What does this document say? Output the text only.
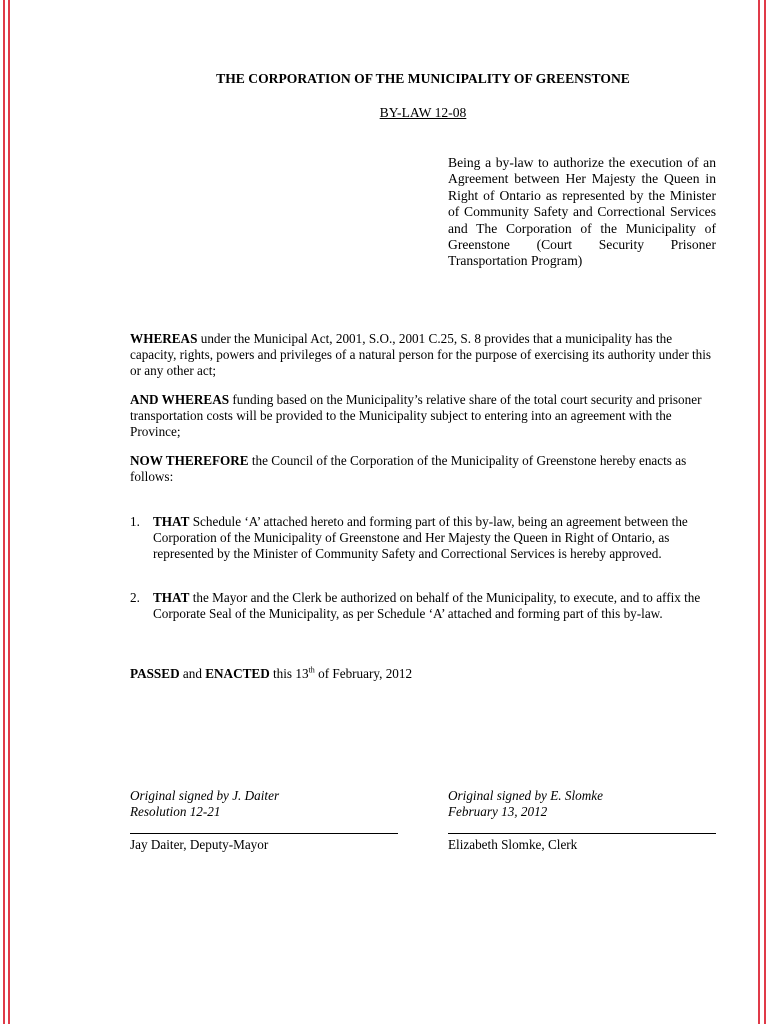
THE CORPORATION OF THE MUNICIPALITY OF GREENSTONE
BY-LAW 12-08
Being a by-law to authorize the execution of an Agreement between Her Majesty the Queen in Right of Ontario as represented by the Minister of Community Safety and Correctional Services and The Corporation of the Municipality of Greenstone (Court Security Prisoner Transportation Program)
WHEREAS under the Municipal Act, 2001, S.O., 2001 C.25, S. 8 provides that a municipality has the capacity, rights, powers and privileges of a natural person for the purpose of exercising its authority under this or any other act;
AND WHEREAS funding based on the Municipality’s relative share of the total court security and prisoner transportation costs will be provided to the Municipality subject to entering into an agreement with the Province;
NOW THEREFORE the Council of the Corporation of the Municipality of Greenstone hereby enacts as follows:
1. THAT Schedule ‘A’ attached hereto and forming part of this by-law, being an agreement between the Corporation of the Municipality of Greenstone and Her Majesty the Queen in Right of Ontario, as represented by the Minister of Community Safety and Correctional Services is hereby approved.
2. THAT the Mayor and the Clerk be authorized on behalf of the Municipality, to execute, and to affix the Corporate Seal of the Municipality, as per Schedule ‘A’ attached and forming part of this by-law.
PASSED and ENACTED this 13th of February, 2012
Original signed by J. Daiter
Resolution 12-21
Jay Daiter, Deputy-Mayor
Original signed by E. Slomke
February 13, 2012
Elizabeth Slomke, Clerk
